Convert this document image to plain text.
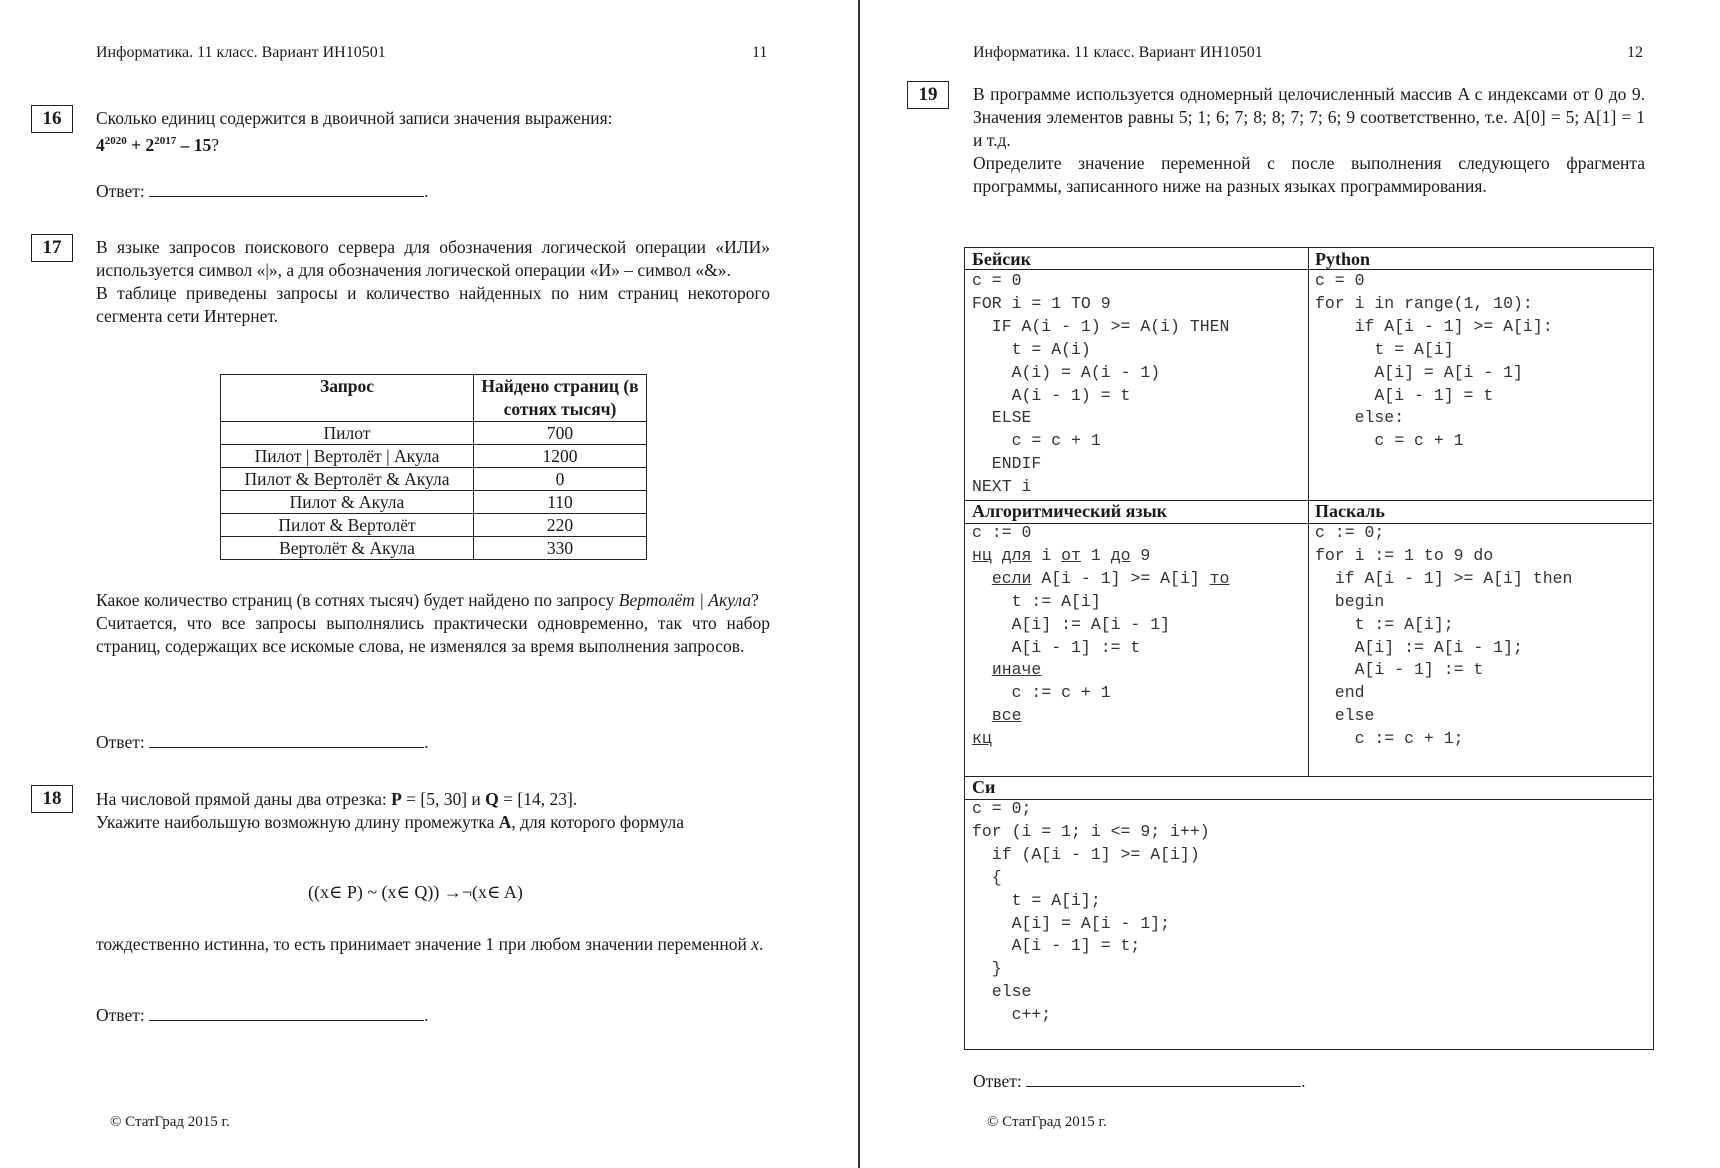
Информатика. 11 класс. Вариант ИН10501	11
16	Сколько единиц содержится в двоичной записи значения выражения:
$4^{2020} + 2^{2017} - 15$?
Ответ:	.
17	В языке запросов поискового сервера для обозначения логической операции «ИЛИ» используется символ «|», а для обозначения логической операции «И» – символ «&».
В таблице приведены запросы и количество найденных по ним страниц некоторого сегмента сети Интернет.
Запрос	Найдено страниц (в сотнях тысяч)
Пилот	700
Пилот | Вертолёт | Акула	1200
Пилот & Вертолёт & Акула	0
Пилот & Акула	110
Пилот & Вертолёт	220
Вертолёт & Акула	330
Какое количество страниц (в сотнях тысяч) будет найдено по запросу Вертолёт | Акула?
Считается, что все запросы выполнялись практически одновременно, так что набор страниц, содержащих все искомые слова, не изменялся за время выполнения запросов.
Ответ:	.
18	На числовой прямой даны два отрезка: P = [5, 30] и Q = [14, 23].
Укажите наибольшую возможную длину промежутка A, для которого формула
((x∈ P) ~ (x∈ Q)) →¬(x∈ A)
тождественно истинна, то есть принимает значение 1 при любом значении переменной x.
Ответ:	.
© СтатГрад 2015 г.
Информатика. 11 класс. Вариант ИН10501	12
19	В программе используется одномерный целочисленный массив A с индексами от 0 до 9. Значения элементов равны 5; 1; 6; 7; 8; 8; 7; 7; 6; 9 соответственно, т.е. A[0] = 5; A[1] = 1 и т.д.
Определите значение переменной c после выполнения следующего фрагмента программы, записанного ниже на разных языках программирования.
Бейсик
c = 0
FOR i = 1 TO 9
IF A(i - 1) >= A(i) THEN
t = A(i)
A(i) = A(i - 1)
A(i - 1) = t
ELSE
c = c + 1
ENDIF
NEXT i
Python
c = 0
for i in range(1, 10):
if A[i - 1] >= A[i]:
t = A[i]
A[i] = A[i - 1]
A[i - 1] = t
else:
c = c + 1
Алгоритмический язык
c := 0
нц для i от 1 до 9
если A[i - 1] >= A[i] то
t := A[i]
A[i] := A[i - 1]
A[i - 1] := t
иначе
c := c + 1
все
кц
Паскаль
c := 0;
for i := 1 to 9 do
if A[i - 1] >= A[i] then
begin
t := A[i];
A[i] := A[i - 1];
A[i - 1] := t
end
else
c := c + 1;
Си
c = 0;
for (i = 1; i <= 9; i++)
if (A[i - 1] >= A[i])
{
t = A[i];
A[i] = A[i - 1];
A[i - 1] = t;
}
else
c++;
Ответ:	.
© СтатГрад 2015 г.
